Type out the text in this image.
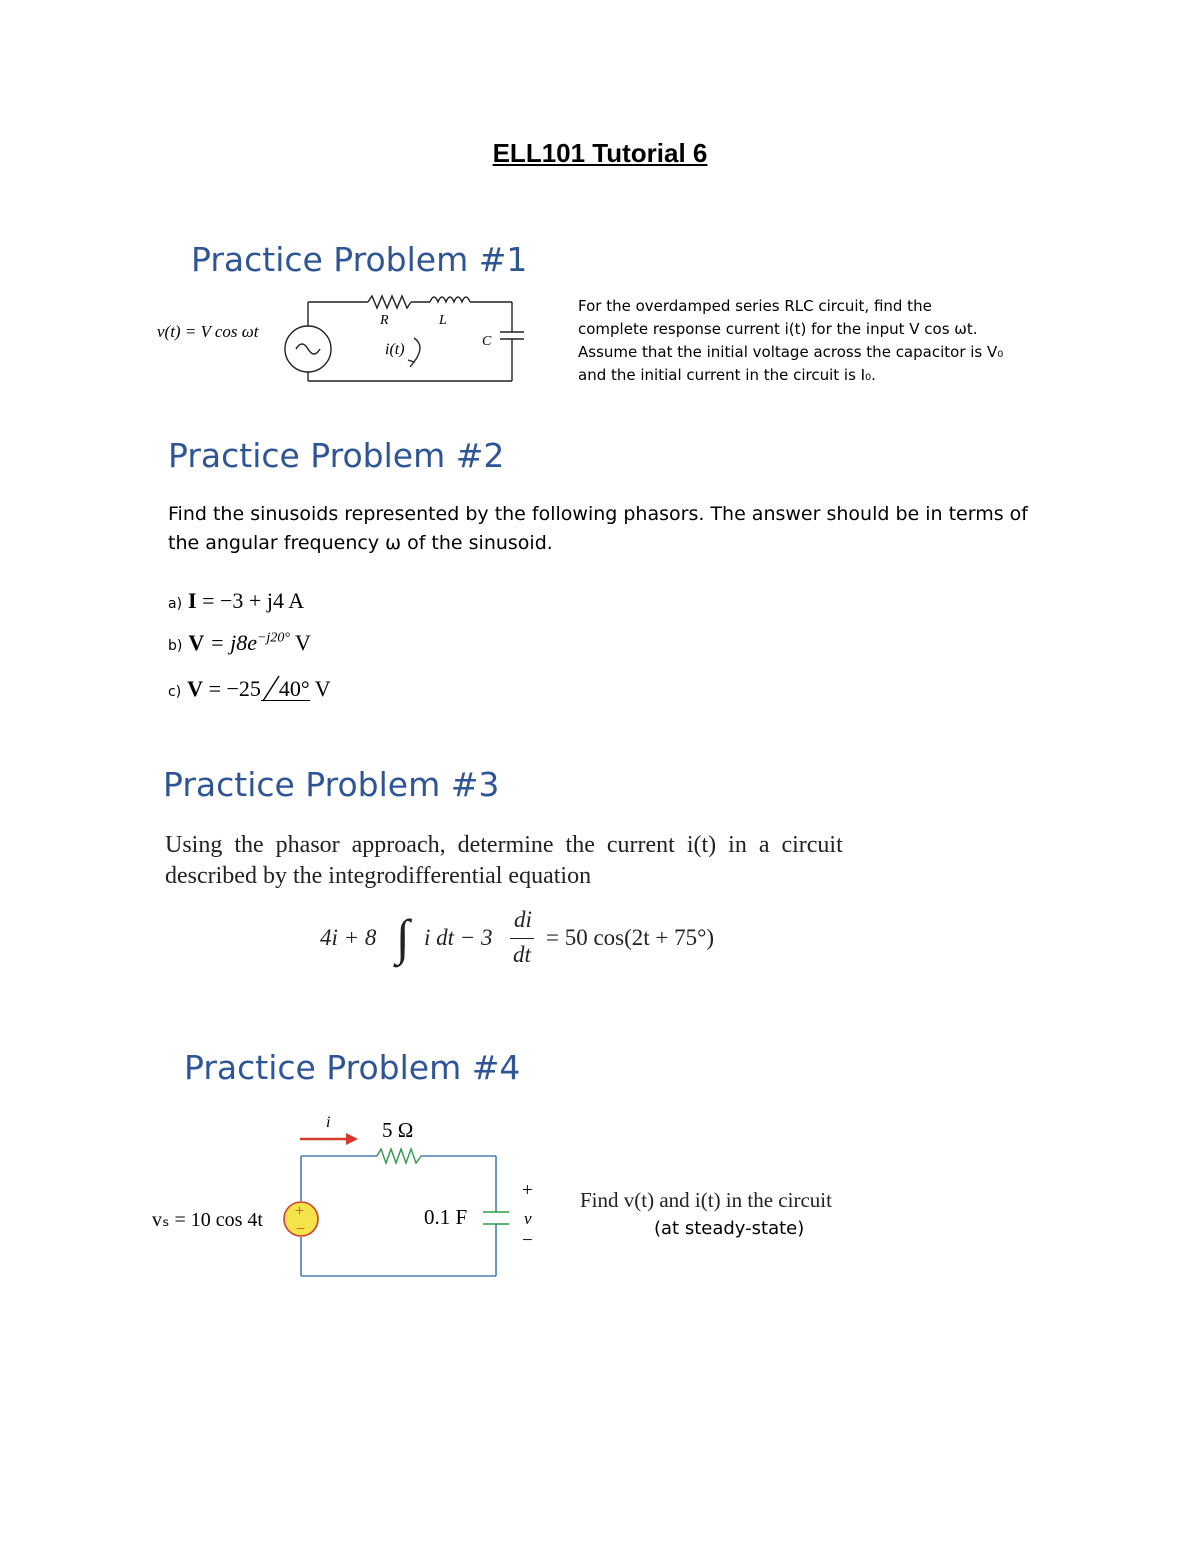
ELL101 Tutorial 6
Practice Problem #1
R	L
C
i(t)
v(t) = V cos ωt
For the overdamped series RLC circuit, find the
complete response current i(t) for the input V cos ωt.
Assume that the initial voltage across the capacitor is V₀
and the initial current in the circuit is I₀.
Practice Problem #2
Find the sinusoids represented by the following phasors. The answer should be in terms of
the angular frequency ω of the sinusoid.
a) I = −3 + j4 A
b) $V = j8e^{-j20^\circ}$ V
c) V = −25 40° V
Practice Problem #3
Using the phasor approach, determine the current i(t) in a circuit
described by the integrodifferential equation
4i + 8 ∫ i dt − 3
di
dt
= 50 cos(2t + 75°)
Practice Problem #4
+
−
i 5 Ω
0.1 F
+
v
−
vₛ = 10 cos 4t
Find v(t) and i(t) in the circuit
(at steady-state)
